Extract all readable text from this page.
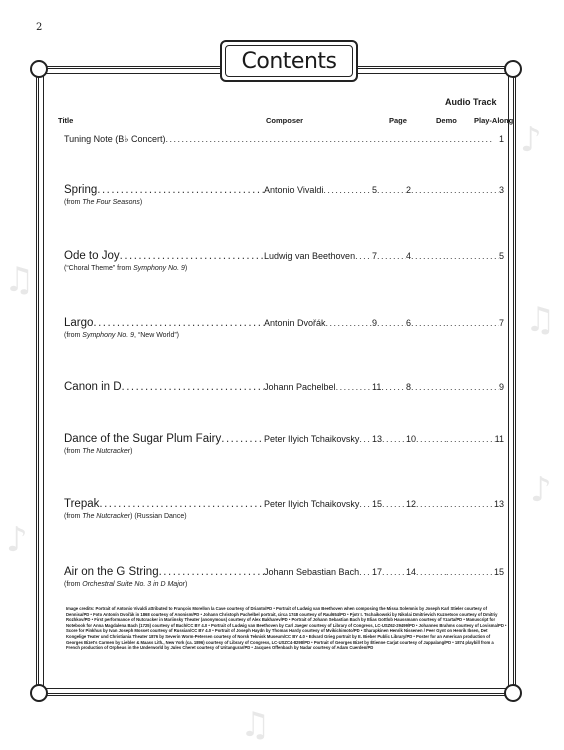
♪
♫
♪
♫
♪
♫
2
Contents
Audio Track
Title	Composer	Page	Demo Play-Along
Tuning Note (B♭ Concert) .....	1
Spring .....	Antonio Vivaldi .....	5 .....	2 ..... .....	3
(from The Four Seasons)
Ode to Joy .....	Ludwig van Beethoven ..... 7 .....	4 ..... .....	5
(“Choral Theme” from Symphony No. 9)
Largo .....	Antonin Dvořák .....	9 .....	6 ..... .....	7
(from Symphony No. 9, “New World”)
Canon in D .....	Johann Pachelbel .....	11 .....	8 ..... .....	9
Dance of the Sugar Plum Fairy .....	Peter Ilyich Tchaikovsky ..... 13 .....	10 ..... .....	11
(from The Nutcracker)
Trepak .....	Peter Ilyich Tchaikovsky ..... 15 .....	12 ..... .....	13
(from The Nutcracker) (Russian Dance)
Air on the G String .....	Johann Sebastian Bach ..... 17 .....	14 ..... .....	15
(from Orchestral Suite No. 3 in D Major)
Image credits: Portrait of Antonio Vivaldi attributed to François Morellon la Cave courtesy of Drianto/PD • Portrait of Ludwig van Beethoven when composing the Missa Solemnis by Joseph Karl Stieler courtesy of Dennisa/PD • Foto Antonín Dvořák in 1868 courtesy of Anonism/PD • Johann Christoph Pachelbel portrait, circa 1748 courtesy of Raul654/PD • Pjotr I. Tschaikowski by Nikolai Dmitrievich Kuznetsov courtesy of Dmitriy Rozhkov/PD • First performance of Nutcracker in Mariinsky Theater (anonymous) courtesy of Alex Bakharev/PD • Portrait of Johann Sebastian Bach by Elias Gottlob Haussmann courtesy of Yzarta/PD • Manuscript for Notebook for Anna Magdalena Bach (1725) courtesy of Bach/CC BY 4.0 • Portrait of Ludwig van Beethoven by Carl Jaeger courtesy of Library of Congress, LC-USZ62-29499/PD • Johannes Brahms courtesy of Lovisma/PD • Score for Pinkhus by Ivan Joseph Mosset courtesy of Russian/CC BY 4.0 • Portrait of Joseph Haydn by Thomas Hardy courtesy of Mvikichimoto/PD • Sharapkinen Henrik Nissenen / Peer Gynt on Henrik Ibsen, Det Kongelige Teater und Christiania Theater 1876 by Severin Worm-Petersen courtesy of Norsk Teknisk Museum/CC BY 4.0 • Edvard Grieg portrait by E. Bieber Public Library/PD • Poster for an American production of Georges Bizet's Carmen by Liebler & Maass Lith., New York (ca. 1896) courtesy of Library of Congress, LC-USZC4-8298/PD • Portrait of Georges Bizet by Étienne Carjat courtesy of Jappalang/PD • 1874 playbill from a French production of Orpheus in the Underworld by Jules Cheret courtesy of Uritangurar/PD • Jacques Offenbach by Nadar courtesy of Adam Cuerden/PD
